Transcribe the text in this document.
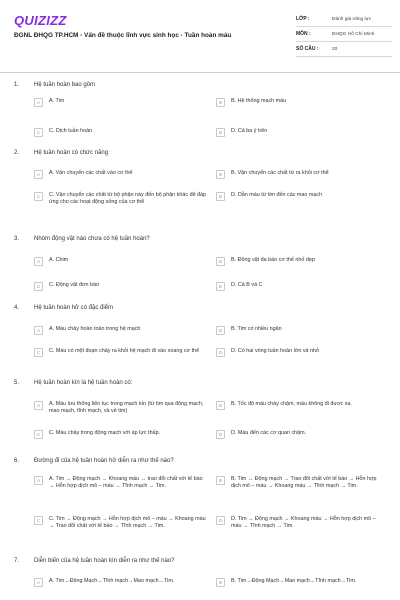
QUIZIZZ
ĐGNL ĐHQG TP.HCM - Vấn đề thuộc lĩnh vực sinh học - Tuần hoàn máu
LỚP :	Đánh giá năng lực
MÔN :	ĐHQG Hồ Chí Minh
SỐ CÂU :	20
1. Hệ tuần hoàn bao gồm
A	A. Tim	B	B. Hệ thống mạch máu
C	C. Dịch tuần hoàn	D	D. Cả ba ý trên
2. Hệ tuần hoàn có chức năng
A	A. Vận chuyển các chất vào cơ thể	B	B. Vận chuyển các chất từ ra khỏi cơ thể
C	C. Vận chuyển các chất từ bộ phận này đến bộ phận khác để đáp ứng cho các hoạt động sống của cơ thể
D	D. Dẫn máu từ tim đến các mao mạch
3. Nhóm động vật nào chưa có hệ tuần hoàn?
A	A. Chim	B	B. Động vật đa bào cơ thể nhỏ dẹp
C	C. Động vật đơn bào	D	D. Cả B và C
4. Hệ tuần hoàn hở có đặc điểm
A	A. Máu chảy hoàn toàn trong hệ mạch	B	B. Tim có nhiều ngăn
C	C. Máu có một đoạn chảy ra khỏi hệ mạch đi vào xoang cơ thể	D	D. Có hai vòng tuần hoàn lớn và nhỏ
5. Hệ tuần hoàn kín là hệ tuần hoàn có:
A	A. Máu lưu thông liên tục trong mạch kín (từ tim qua động mạch, mao mạch, tĩnh mạch, và về tim)
B	B. Tốc độ máu chảy chậm, máu không đi được xa.
C	C. Máu chảy trong động mạch với áp lực thấp.	D	D. Máu đến các cơ quan chậm.
6. Đường đi của hệ tuần hoàn hở diễn ra như thế nào?
A	A. Tim → Động mạch → Khoang máu → trao đổi chất với tế bào → Hỗn hợp dịch mô – máu → Tĩnh mạch → Tim.
B	B. Tim → Động mạch → Trao đổi chất với tế bào → Hỗn hợp dịch mô – máu → Khoang máu → Tĩnh mạch → Tim.
C	C. Tim → Động mạch → Hỗn hợp dịch mô – máu → Khoang máu → Trao đổi chất với tế bào → Tĩnh mạch → Tim.
D	D. Tim → Động mạch → Khoang máu → Hỗn hợp dịch mô – máu → Tĩnh mạch → Tim.
7. Diễn biến của hệ tuần hoàn kín diễn ra như thế nào?
A	A. Tim→Động Mạch→Tĩnh mạch→Mao mạch→Tim.	B	B. Tim→Động Mạch→Mao mạch→Tĩnh mạch→Tim.
